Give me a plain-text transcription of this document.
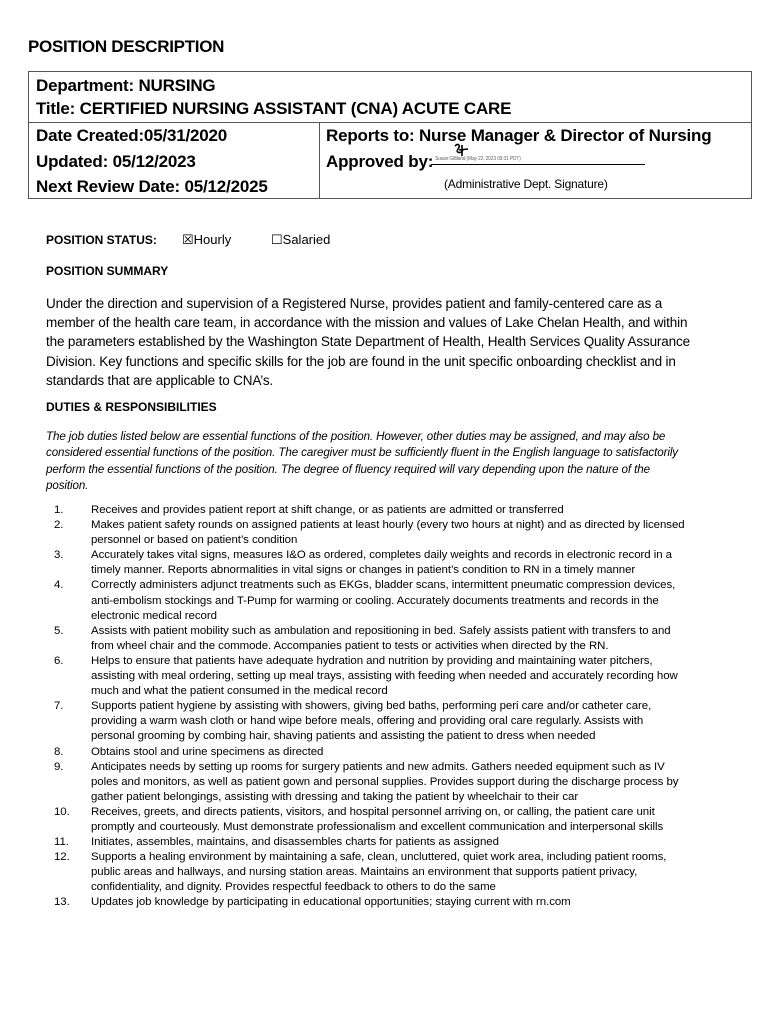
POSITION DESCRIPTION
Department: NURSING
Title: CERTIFIED NURSING ASSISTANT (CNA) ACUTE CARE
Date Created:05/31/2020
Updated: 05/12/2023
Next Review Date: 05/12/2025
Reports to: Nurse Manager & Director of Nursing
Approved by: Susan Gilliland (May 22, 2023 09:31 PDT)
(Administrative Dept. Signature)
POSITION STATUS: ☒Hourly	☐Salaried
POSITION SUMMARY
Under the direction and supervision of a Registered Nurse, provides patient and family-centered care as a member of the health care team, in accordance with the mission and values of Lake Chelan Health, and within the parameters established by the Washington State Department of Health, Health Services Quality Assurance Division. Key functions and specific skills for the job are found in the unit specific onboarding checklist and in standards that are applicable to CNA’s.
DUTIES & RESPONSIBILITIES
The job duties listed below are essential functions of the position. However, other duties may be assigned, and may also be considered essential functions of the position. The caregiver must be sufficiently fluent in the English language to satisfactorily perform the essential functions of the position. The degree of fluency required will vary depending upon the nature of the position.
1.	Receives and provides patient report at shift change, or as patients are admitted or transferred
2.	Makes patient safety rounds on assigned patients at least hourly (every two hours at night) and as directed by licensed personnel or based on patient’s condition
3.	Accurately takes vital signs, measures I&O as ordered, completes daily weights and records in electronic record in a timely manner. Reports abnormalities in vital signs or changes in patient’s condition to RN in a timely manner
4.	Correctly administers adjunct treatments such as EKGs, bladder scans, intermittent pneumatic compression devices, anti-embolism stockings and T-Pump for warming or cooling. Accurately documents treatments and records in the electronic medical record
5.	Assists with patient mobility such as ambulation and repositioning in bed. Safely assists patient with transfers to and from wheel chair and the commode. Accompanies patient to tests or activities when directed by the RN.
6.	Helps to ensure that patients have adequate hydration and nutrition by providing and maintaining water pitchers, assisting with meal ordering, setting up meal trays, assisting with feeding when needed and accurately recording how much and what the patient consumed in the medical record
7.	Supports patient hygiene by assisting with showers, giving bed baths, performing peri care and/or catheter care, providing a warm wash cloth or hand wipe before meals, offering and providing oral care regularly. Assists with personal grooming by combing hair, shaving patients and assisting the patient to dress when needed
8.	Obtains stool and urine specimens as directed
9.	Anticipates needs by setting up rooms for surgery patients and new admits. Gathers needed equipment such as IV poles and monitors, as well as patient gown and personal supplies. Provides support during the discharge process by gather patient belongings, assisting with dressing and taking the patient by wheelchair to their car
10.	Receives, greets, and directs patients, visitors, and hospital personnel arriving on, or calling, the patient care unit promptly and courteously. Must demonstrate professionalism and excellent communication and interpersonal skills
11.	Initiates, assembles, maintains, and disassembles charts for patients as assigned
12.	Supports a healing environment by maintaining a safe, clean, uncluttered, quiet work area, including patient rooms, public areas and hallways, and nursing station areas. Maintains an environment that supports patient privacy, confidentiality, and dignity. Provides respectful feedback to others to do the same
13.	Updates job knowledge by participating in educational opportunities; staying current with rn.com
